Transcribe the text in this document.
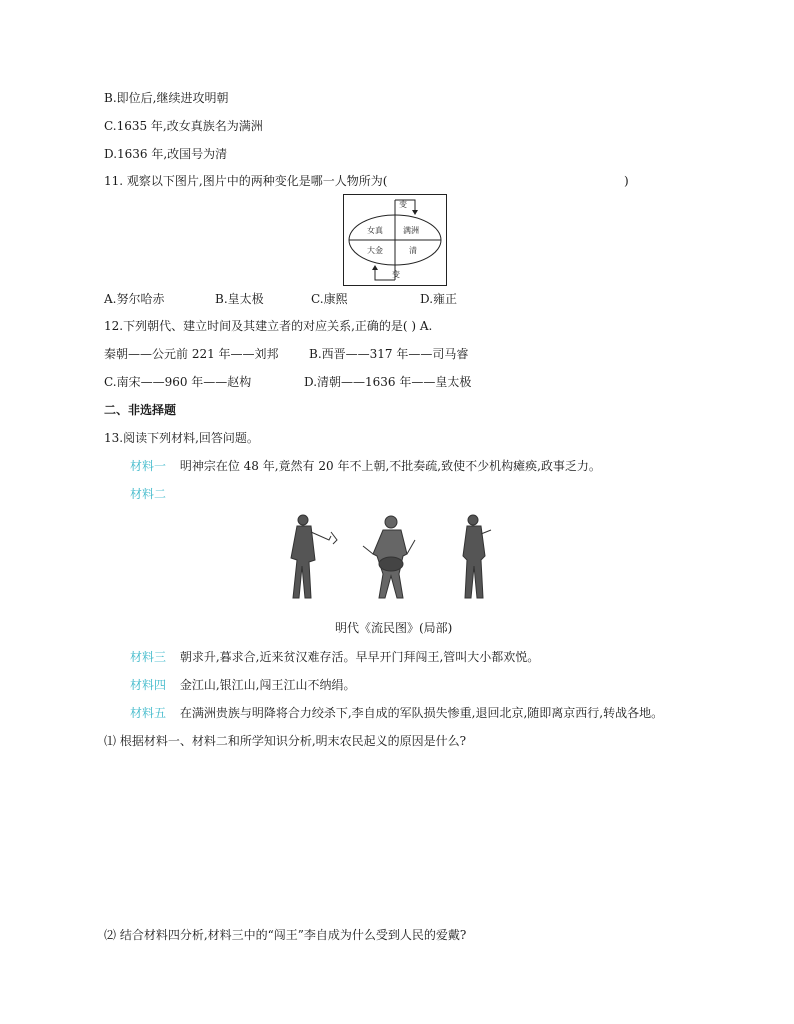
B.即位后,继续进攻明朝
C.1635 年,改女真族名为满洲
D.1636 年,改国号为清
11. 观察以下图片,图片中的两种变化是哪一人物所为(	)
变
女真	满洲
大金	清
变
A.努尔哈赤	B.皇太极	C.康熙	D.雍正
12.下列朝代、建立时间及其建立者的对应关系,正确的是( ) A.
秦朝——公元前 221 年——刘邦	B.西晋——317 年——司马睿
C.南宋——960 年——赵构	D.清朝——1636 年——皇太极
二、非选择题
13.阅读下列材料,回答问题。
材料一 明神宗在位 48 年,竟然有 20 年不上朝,不批奏疏,致使不少机构瘫痪,政事乏力。
材料二
明代《流民图》(局部)
材料三 朝求升,暮求合,近来贫汉难存活。早早开门拜闯王,管叫大小都欢悦。
材料四 金江山,银江山,闯王江山不纳绢。
材料五 在满洲贵族与明降将合力绞杀下,李自成的军队损失惨重,退回北京,随即离京西行,转战各地。
⑴ 根据材料一、材料二和所学知识分析,明末农民起义的原因是什么?
⑵ 结合材料四分析,材料三中的“闯王”李自成为什么受到人民的爱戴?
